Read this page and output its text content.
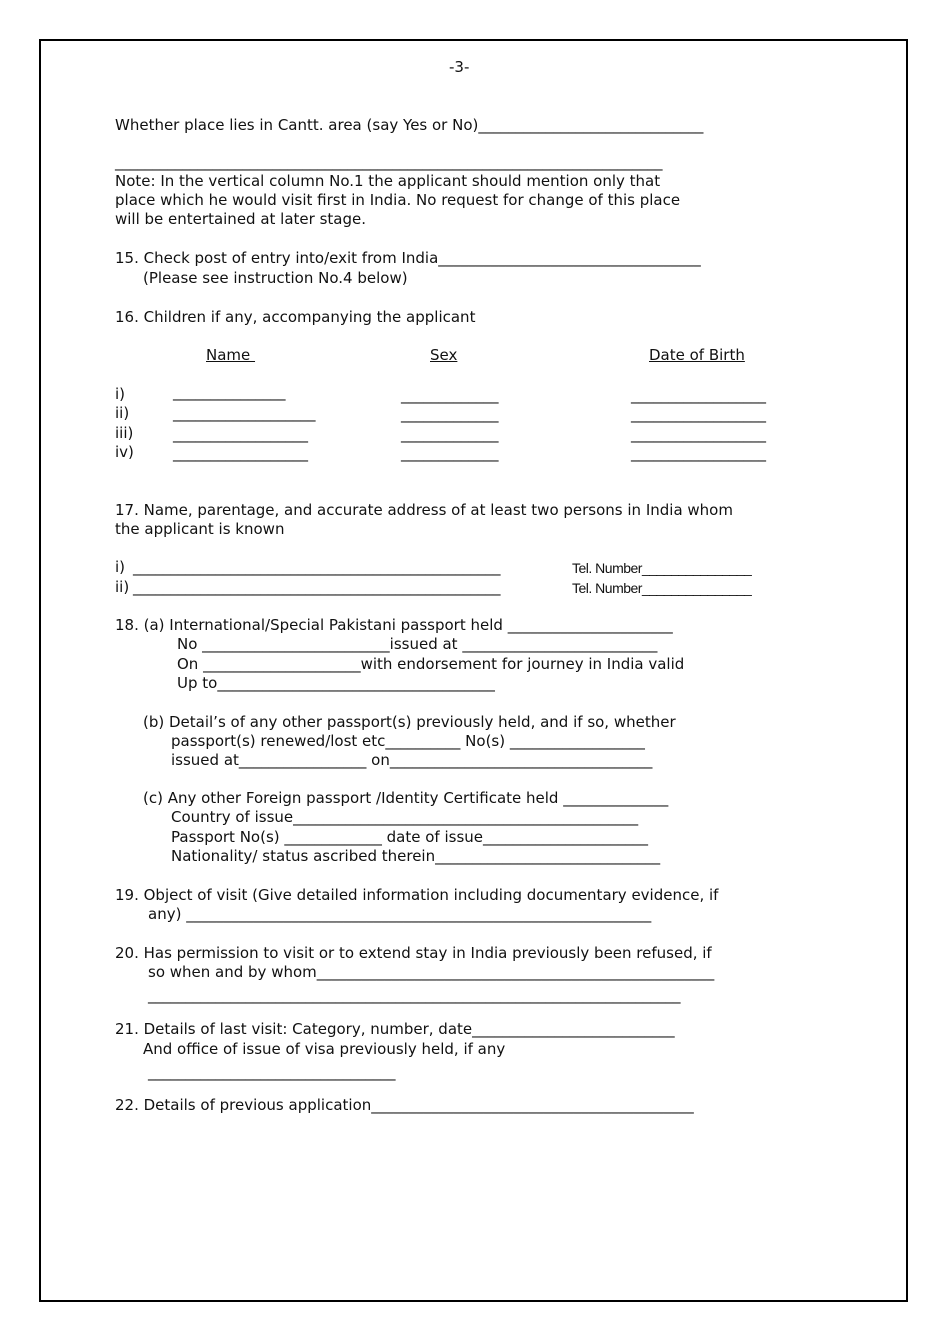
-3-
Whether place lies in Cantt. area (say Yes or No)______________________________
_________________________________________________________________________
Note: In the vertical column No.1 the applicant should mention only that
place which he would visit first in India. No request for change of this place
will be entertained at later stage.
15. Check post of entry into/exit from India___________________________________
(Please see instruction No.4 below)
16. Children if any, accompanying the applicant
Name	Sex	Date of Birth
i)	_______________	_____________	__________________
ii)	___________________	_____________	__________________
iii)	__________________	_____________	__________________
iv)	__________________	_____________	__________________
17. Name, parentage, and accurate address of at least two persons in India whom
the applicant is known
i) _________________________________________________	Tel. Number_______________
ii) _________________________________________________	Tel. Number_______________
18. (a) International/Special Pakistani passport held ______________________
No _________________________issued at __________________________
On _____________________with endorsement for journey in India valid
Up to_____________________________________
(b) Detail’s of any other passport(s) previously held, and if so, whether
passport(s) renewed/lost etc__________ No(s) __________________
issued at_________________ on___________________________________
(c) Any other Foreign passport /Identity Certificate held ______________
Country of issue______________________________________________
Passport No(s) _____________ date of issue______________________
Nationality/ status ascribed therein______________________________
19. Object of visit (Give detailed information including documentary evidence, if
any) ______________________________________________________________
20. Has permission to visit or to extend stay in India previously been refused, if
so when and by whom_____________________________________________________
_______________________________________________________________________
21. Details of last visit: Category, number, date___________________________
And office of issue of visa previously held, if any
_________________________________
22. Details of previous application___________________________________________
